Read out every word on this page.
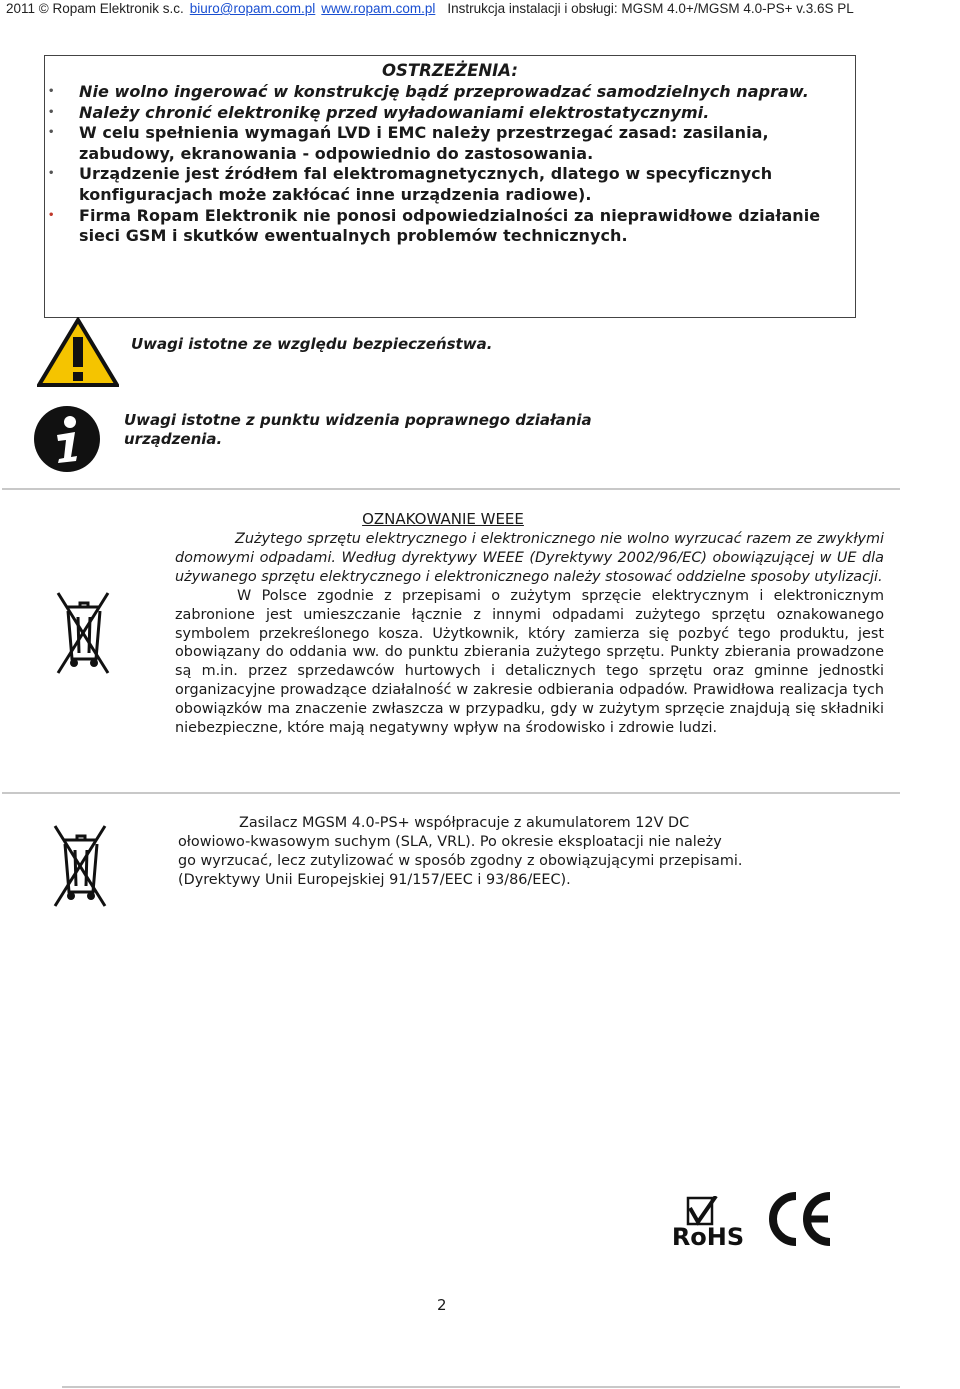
2011 © Ropam Elektronik s.c. biuro@ropam.com.pl www.ropam.com.pl Instrukcja instalacji i obsługi: MGSM 4.0+/MGSM 4.0-PS+ v.3.6S PL
OSTRZEŻENIA:
• Nie wolno ingerować w konstrukcję bądź przeprowadzać samodzielnych napraw.
• Należy chronić elektronikę przed wyładowaniami elektrostatycznymi.
• W celu spełnienia wymagań LVD i EMC należy przestrzegać zasad: zasilania, zabudowy, ekranowania - odpowiednio do zastosowania.
• Urządzenie jest źródłem fal elektromagnetycznych, dlatego w specyficznych konfiguracjach może zakłócać inne urządzenia radiowe).
• Firma Ropam Elektronik nie ponosi odpowiedzialności za nieprawidłowe działanie sieci GSM i skutków ewentualnych problemów technicznych.
Uwagi istotne ze względu bezpieczeństwa.
Uwagi istotne z punktu widzenia poprawnego działania urządzenia.
OZNAKOWANIE WEEE

Zużytego sprzętu elektrycznego i elektronicznego nie wolno wyrzucać razem ze zwykłymi domowymi odpadami. Według dyrektywy WEEE (Dyrektywy 2002/96/EC) obowiązującej w UE dla używanego sprzętu elektrycznego i elektronicznego należy stosować oddzielne sposoby utylizacji.

W Polsce zgodnie z przepisami o zużytym sprzęcie elektrycznym i elektronicznym zabronione jest umieszczanie łącznie z innymi odpadami zużytego sprzętu oznakowanego symbolem przekreślonego kosza. Użytkownik, który zamierza się pozbyć tego produktu, jest obowiązany do oddania ww. do punktu zbierania zużytego sprzętu. Punkty zbierania prowadzone są m.in. przez sprzedawców hurtowych i detalicznych tego sprzętu oraz gminne jednostki organizacyjne prowadzące działalność w zakresie odbierania odpadów. Prawidłowa realizacja tych obowiązków ma znaczenie zwłaszcza w przypadku, gdy w zużytym sprzęcie znajdują się składniki niebezpieczne, które mają negatywny wpływ na środowisko i zdrowie ludzi.

Zasilacz MGSM 4.0-PS+ współpracuje z akumulatorem 12V DC

ołowiowo-kwasowym suchym (SLA, VRL). Po okresie eksploatacji nie należy

go wyrzucać, lecz zutylizować w sposób zgodny z obowiązującymi przepisami.

(Dyrektywy Unii Europejskiej 91/157/EEC i 93/86/EEC).

RoHS
2
